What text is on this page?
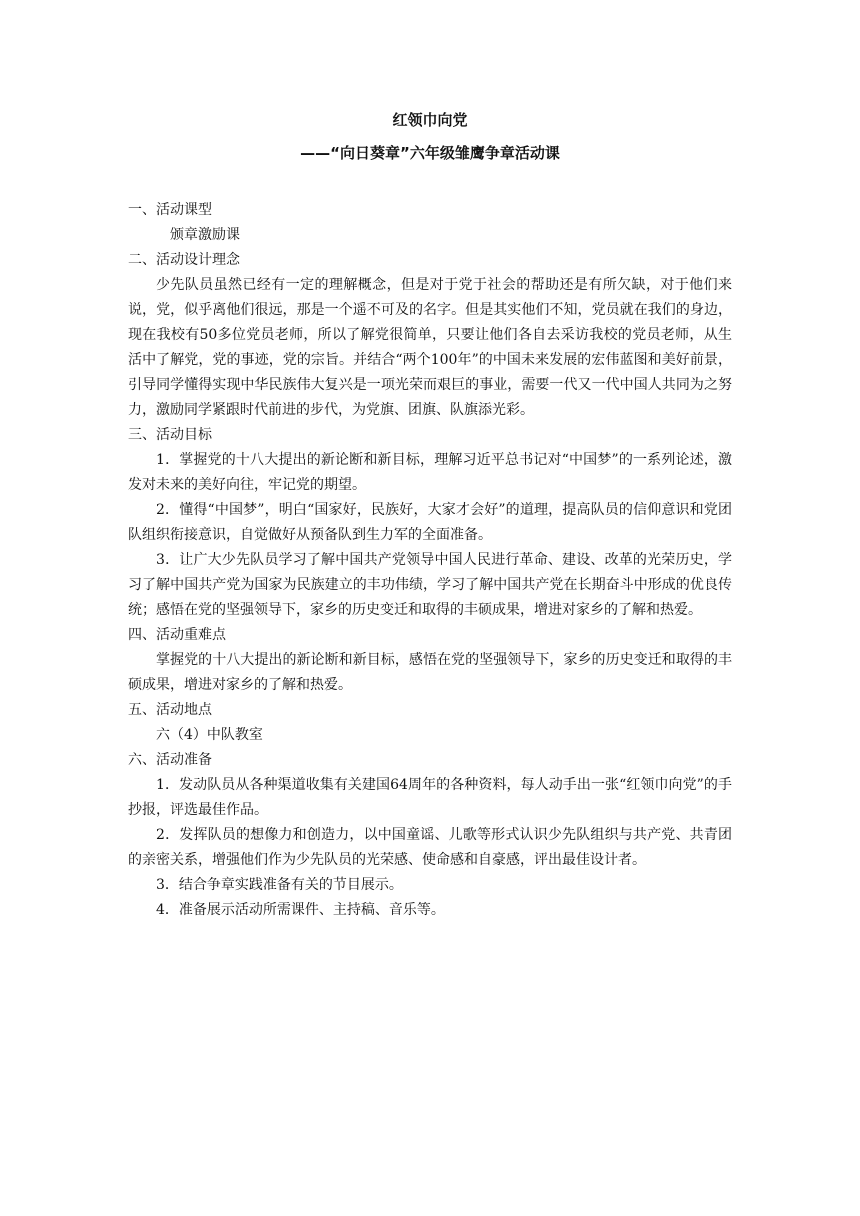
红领巾向党
——“向日葵章”六年级雏鹰争章活动课
一、活动课型

颁章激励课

二、活动设计理念

少先队员虽然已经有一定的理解概念，但是对于党于社会的帮助还是有所欠缺，对于他们来说，党，似乎离他们很远，那是一个遥不可及的名字。但是其实他们不知，党员就在我们的身边，现在我校有50多位党员老师，所以了解党很简单，只要让他们各自去采访我校的党员老师，从生活中了解党，党的事迹，党的宗旨。并结合“两个100年”的中国未来发展的宏伟蓝图和美好前景，引导同学懂得实现中华民族伟大复兴是一项光荣而艰巨的事业，需要一代又一代中国人共同为之努力，激励同学紧跟时代前进的步代，为党旗、团旗、队旗添光彩。

三、活动目标

1．掌握党的十八大提出的新论断和新目标，理解习近平总书记对“中国梦”的一系列论述，激发对未来的美好向往，牢记党的期望。

2．懂得“中国梦”，明白“国家好，民族好，大家才会好”的道理，提高队员的信仰意识和党团队组织衔接意识，自觉做好从预备队到生力军的全面准备。

3．让广大少先队员学习了解中国共产党领导中国人民进行革命、建设、改革的光荣历史，学习了解中国共产党为国家为民族建立的丰功伟绩，学习了解中国共产党在长期奋斗中形成的优良传统；感悟在党的坚强领导下，家乡的历史变迁和取得的丰硕成果，增进对家乡的了解和热爱。

四、活动重难点

掌握党的十八大提出的新论断和新目标，感悟在党的坚强领导下，家乡的历史变迁和取得的丰硕成果，增进对家乡的了解和热爱。

五、活动地点

六（4）中队教室

六、活动准备

1．发动队员从各种渠道收集有关建国64周年的各种资料，每人动手出一张“红领巾向党”的手抄报，评选最佳作品。

2．发挥队员的想像力和创造力，以中国童谣、儿歌等形式认识少先队组织与共产党、共青团的亲密关系，增强他们作为少先队员的光荣感、使命感和自豪感，评出最佳设计者。

3．结合争章实践准备有关的节目展示。

4．准备展示活动所需课件、主持稿、音乐等。
